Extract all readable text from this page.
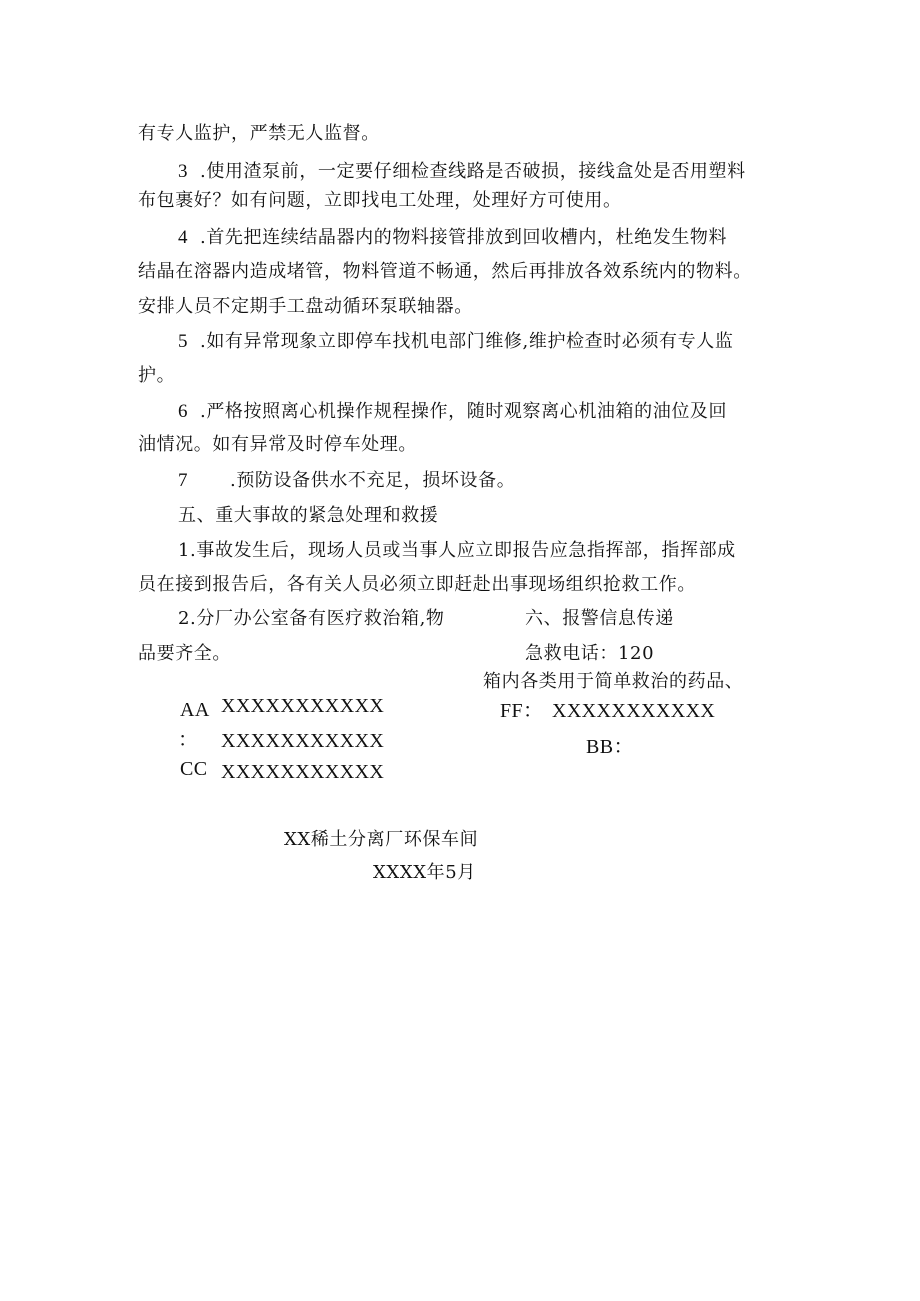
有专人监护，严禁无人监督。
3 .使用渣泵前，一定要仔细检查线路是否破损，接线盒处是否用塑料
布包裹好？如有问题，立即找电工处理，处理好方可使用。
4 .首先把连续结晶器内的物料接管排放到回收槽内，杜绝发生物料
结晶在溶器内造成堵管，物料管道不畅通，然后再排放各效系统内的物料。
安排人员不定期手工盘动循环泵联轴器。
5 .如有异常现象立即停车找机电部门维修,维护检查时必须有专人监
护。
6 .严格按照离心机操作规程操作，随时观察离心机油箱的油位及回
油情况。如有异常及时停车处理。
7 .预防设备供水不充足，损坏设备。
五、重大事故的紧急处理和救援
1.事故发生后，现场人员或当事人应立即报告应急指挥部，指挥部成
员在接到报告后，各有关人员必须立即赶赴出事现场组织抢救工作。
2.分厂办公室备有医疗救治箱,物
品要齐全。
六、报警信息传递
急救电话：120
箱内各类用于简单救治的药品、
AA
：
CC
XXXXXXXXXXX
XXXXXXXXXXX
XXXXXXXXXXX
FF： XXXXXXXXXXX
BB：
XX稀土分离厂环保车间
XXXX年5月
